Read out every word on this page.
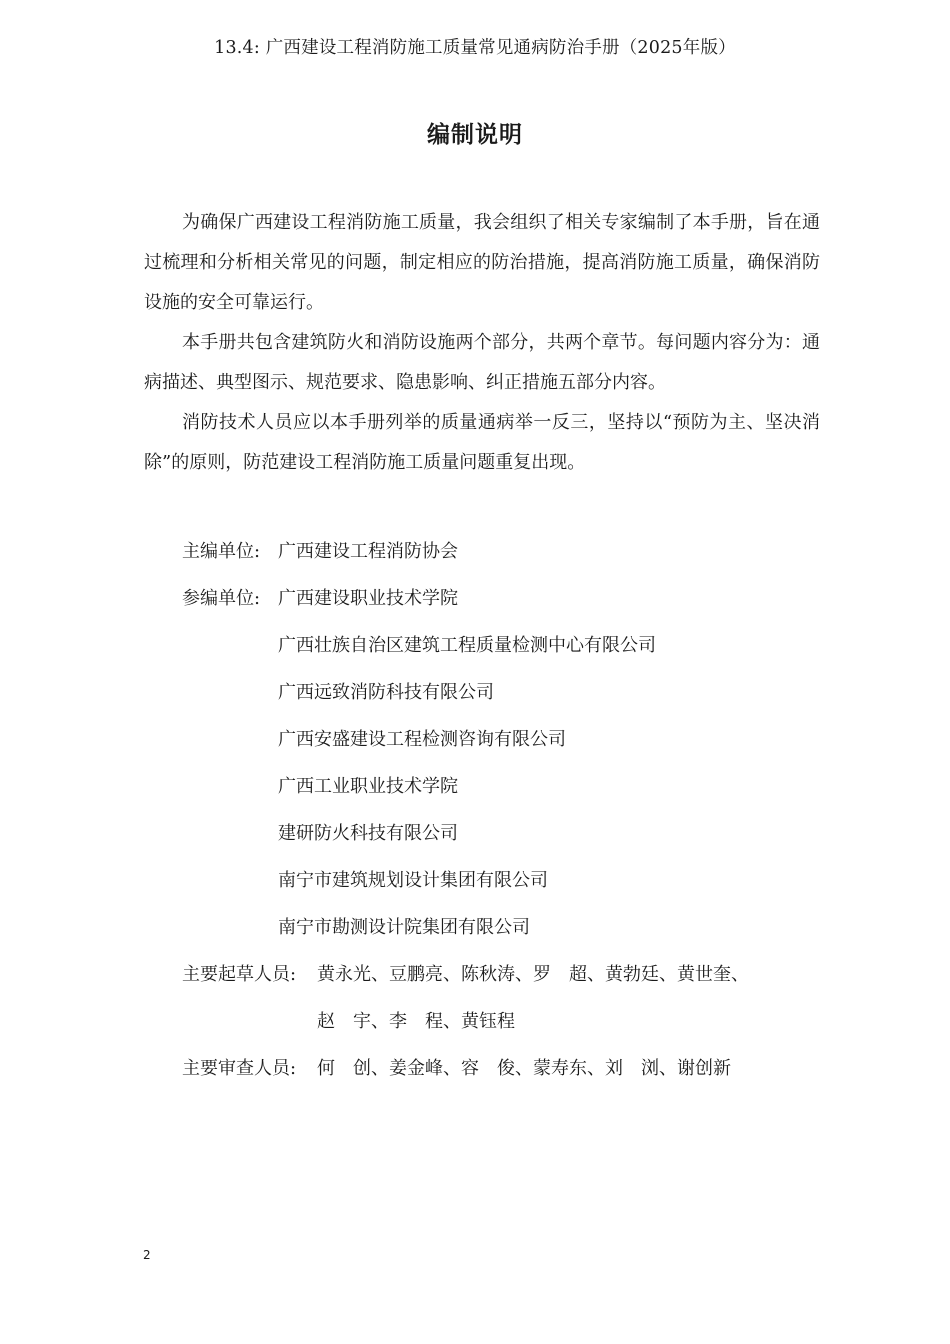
13.4: 广西建设工程消防施工质量常见通病防治手册（2025年版）
编制说明

为确保广西建设工程消防施工质量，我会组织了相关专家编制了本手册，旨在通过梳理和分析相关常见的问题，制定相应的防治措施，提高消防施工质量，确保消防设施的安全可靠运行。

本手册共包含建筑防火和消防设施两个部分，共两个章节。每问题内容分为：通病描述、典型图示、规范要求、隐患影响、纠正措施五部分内容。

消防技术人员应以本手册列举的质量通病举一反三，坚持以“预防为主、坚决消除”的原则，防范建设工程消防施工质量问题重复出现。

主编单位: 广西建设工程消防协会
参编单位: 广西建设职业技术学院
广西壮族自治区建筑工程质量检测中心有限公司
广西远致消防科技有限公司
广西安盛建设工程检测咨询有限公司
广西工业职业技术学院
建研防火科技有限公司
南宁市建筑规划设计集团有限公司
南宁市勘测设计院集团有限公司
主要起草人员: 黄永光、豆鹏亮、陈秋涛、罗　超、黄勃廷、黄世奎、
赵　宇、李　程、黄钰程
主要审查人员: 何　创、姜金峰、容　俊、蒙寿东、刘　浏、谢创新
2
